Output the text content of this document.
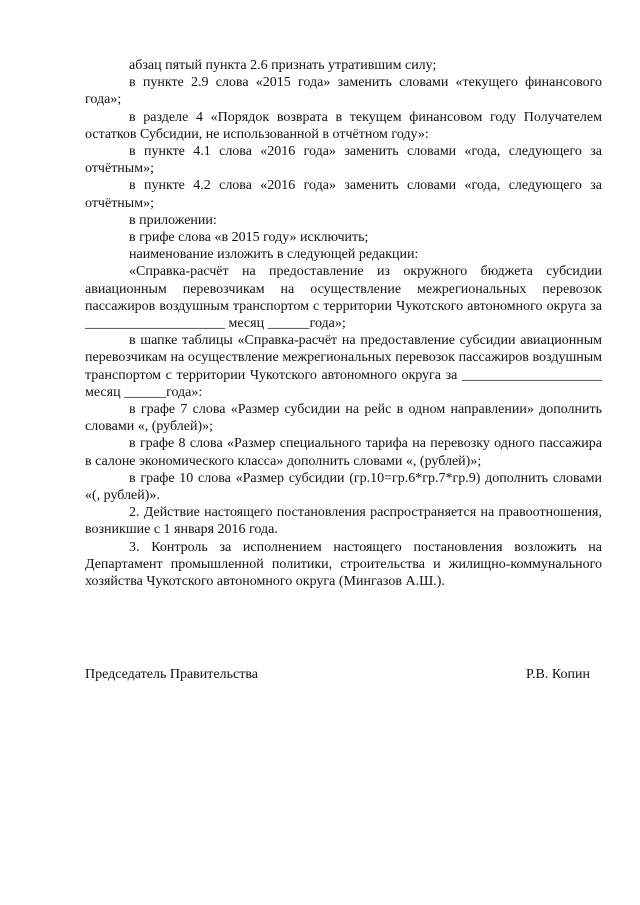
абзац пятый пункта 2.6 признать утратившим силу;

в пункте 2.9 слова «2015 года» заменить словами «текущего финансового года»;

в разделе 4 «Порядок возврата в текущем финансовом году Получателем остатков Субсидии, не использованной в отчётном году»:

в пункте 4.1 слова «2016 года» заменить словами «года, следующего за отчётным»;

в пункте 4.2 слова «2016 года» заменить словами «года, следующего за отчётным»;

в приложении:

в грифе слова «в 2015 году» исключить;

наименование изложить в следующей редакции:

«Справка-расчёт на предоставление из окружного бюджета субсидии авиационным перевозчикам на осуществление межрегиональных перевозок пассажиров воздушным транспортом с территории Чукотского автономного округа за ____________________ месяц ______года»;

в шапке таблицы «Справка-расчёт на предоставление субсидии авиационным перевозчикам на осуществление межрегиональных перевозок пассажиров воздушным транспортом с территории Чукотского автономного округа за ____________________ месяц ______года»:

в графе 7 слова «Размер субсидии на рейс в одном направлении» дополнить словами «, (рублей)»;

в графе 8 слова «Размер специального тарифа на перевозку одного пассажира в салоне экономического класса» дополнить словами «, (рублей)»;

в графе 10 слова «Размер субсидии (гр.10=гр.6*гр.7*гр.9) дополнить словами «(, рублей)».

2. Действие настоящего постановления распространяется на правоотношения, возникшие с 1 января 2016 года.

3. Контроль за исполнением настоящего постановления возложить на Департамент промышленной политики, строительства и жилищно-коммунального хозяйства Чукотского автономного округа (Мингазов А.Ш.).

Председатель Правительства	Р.В. Копин
